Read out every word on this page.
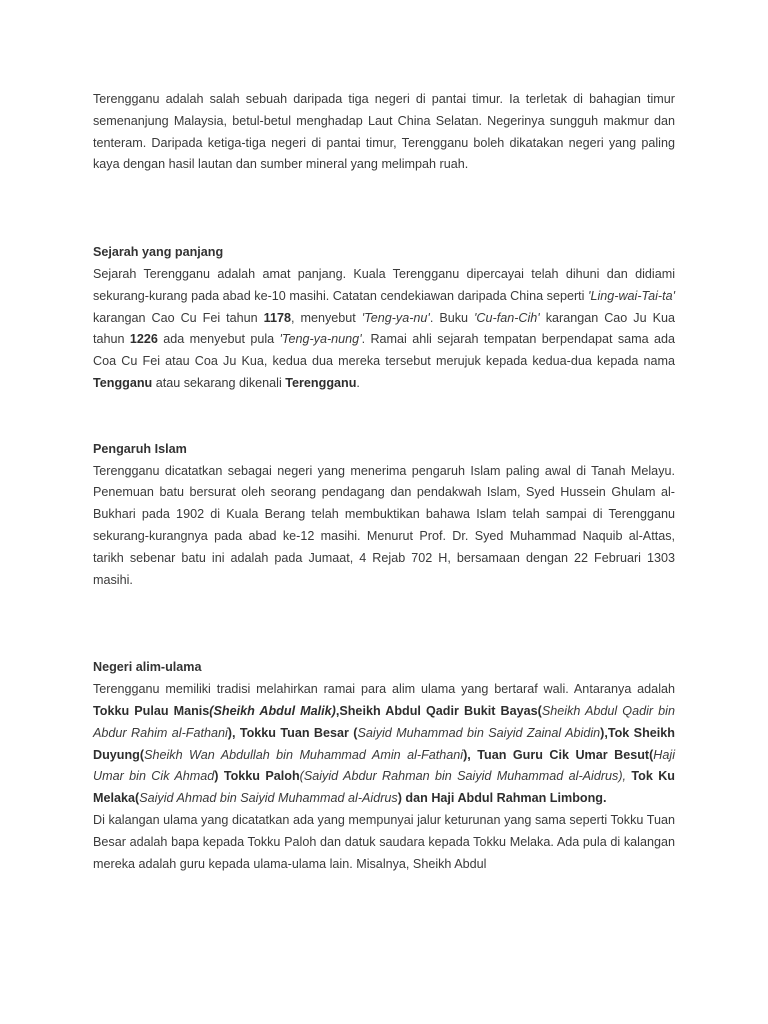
Terengganu adalah salah sebuah daripada tiga negeri di pantai timur. Ia terletak di bahagian timur semenanjung Malaysia, betul-betul menghadap Laut China Selatan. Negerinya sungguh makmur dan tenteram. Daripada ketiga-tiga negeri di pantai timur, Terengganu boleh dikatakan negeri yang paling kaya dengan hasil lautan dan sumber mineral yang melimpah ruah.

Sejarah yang panjang

Sejarah Terengganu adalah amat panjang. Kuala Terengganu dipercayai telah dihuni dan didiami sekurang-kurang pada abad ke-10 masihi. Catatan cendekiawan daripada China seperti 'Ling-wai-Tai-ta' karangan Cao Cu Fei tahun 1178, menyebut 'Teng-ya-nu'. Buku 'Cu-fan-Cih' karangan Cao Ju Kua tahun 1226 ada menyebut pula 'Teng-ya-nung'. Ramai ahli sejarah tempatan berpendapat sama ada Coa Cu Fei atau Coa Ju Kua, kedua dua mereka tersebut merujuk kepada kedua-dua kepada nama Tengganu atau sekarang dikenali Terengganu.

Pengaruh Islam

Terengganu dicatatkan sebagai negeri yang menerima pengaruh Islam paling awal di Tanah Melayu. Penemuan batu bersurat oleh seorang pendagang dan pendakwah Islam, Syed Hussein Ghulam al-Bukhari pada 1902 di Kuala Berang telah membuktikan bahawa Islam telah sampai di Terengganu sekurang-kurangnya pada abad ke-12 masihi. Menurut Prof. Dr. Syed Muhammad Naquib al-Attas, tarikh sebenar batu ini adalah pada Jumaat, 4 Rejab 702 H, bersamaan dengan 22 Februari 1303 masihi.

Negeri alim-ulama

Terengganu memiliki tradisi melahirkan ramai para alim ulama yang bertaraf wali. Antaranya adalah Tokku Pulau Manis(Sheikh Abdul Malik),Sheikh Abdul Qadir Bukit Bayas(Sheikh Abdul Qadir bin Abdur Rahim al-Fathani), Tokku Tuan Besar (Saiyid Muhammad bin Saiyid Zainal Abidin),Tok Sheikh Duyung(Sheikh Wan Abdullah bin Muhammad Amin al-Fathani), Tuan Guru Cik Umar Besut(Haji Umar bin Cik Ahmad) Tokku Paloh(Saiyid Abdur Rahman bin Saiyid Muhammad al-Aidrus), Tok Ku Melaka(Saiyid Ahmad bin Saiyid Muhammad al-Aidrus) dan Haji Abdul Rahman Limbong.

Di kalangan ulama yang dicatatkan ada yang mempunyai jalur keturunan yang sama seperti Tokku Tuan Besar adalah bapa kepada Tokku Paloh dan datuk saudara kepada Tokku Melaka. Ada pula di kalangan mereka adalah guru kepada ulama-ulama lain. Misalnya, Sheikh Abdul
